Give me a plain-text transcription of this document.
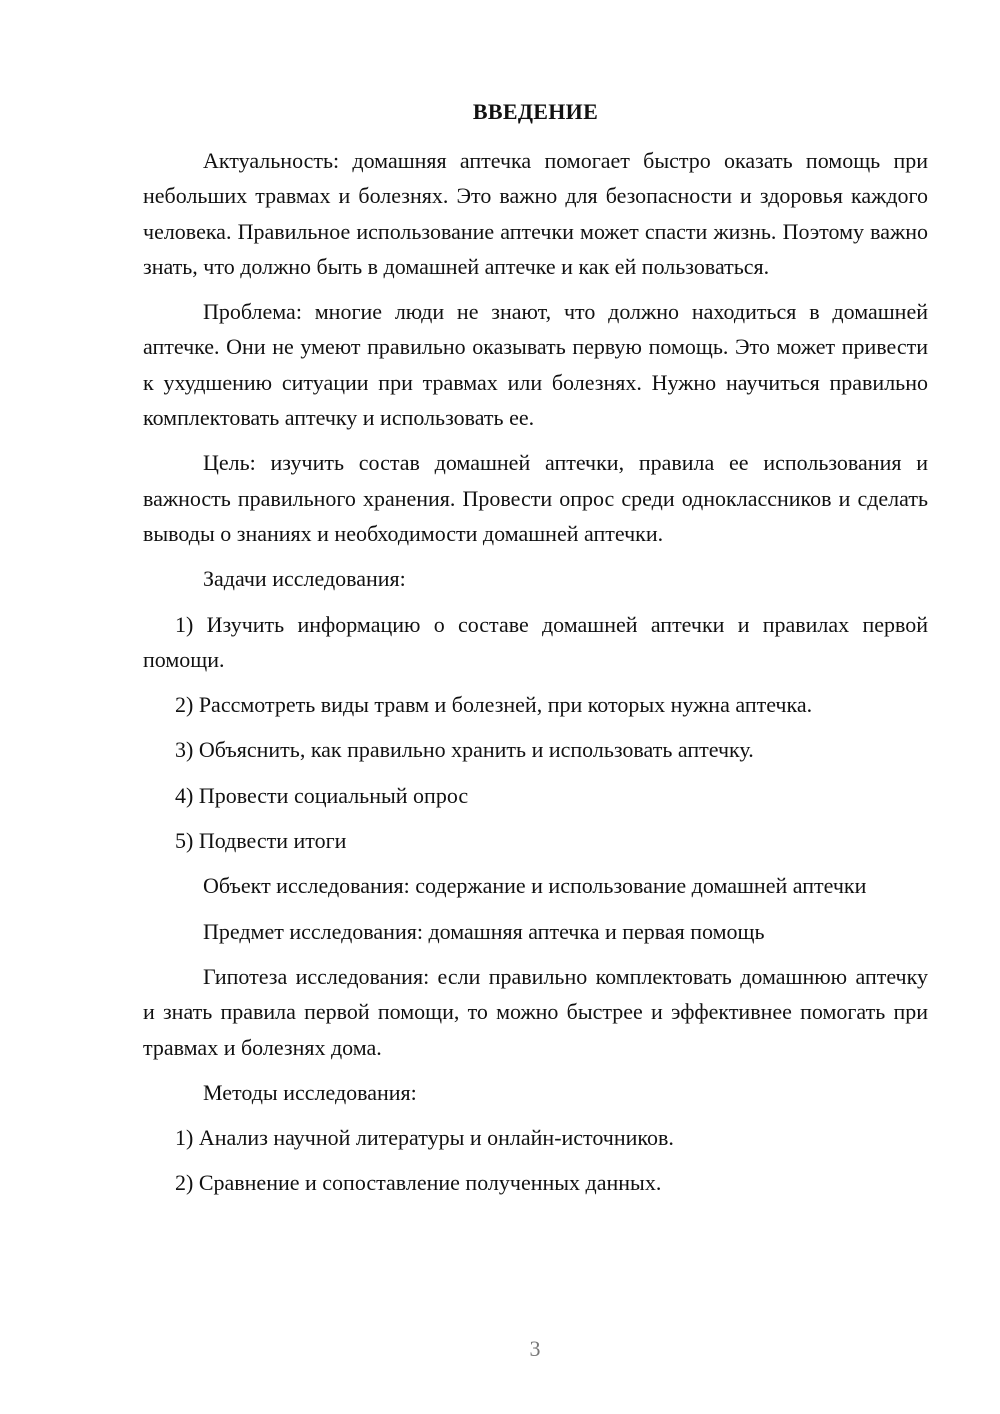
ВВЕДЕНИЕ

Актуальность: домашняя аптечка помогает быстро оказать помощь при небольших травмах и болезнях. Это важно для безопасности и здоровья каждого человека. Правильное использование аптечки может спасти жизнь. Поэтому важно знать, что должно быть в домашней аптечке и как ей пользоваться.

Проблема: многие люди не знают, что должно находиться в домашней аптечке. Они не умеют правильно оказывать первую помощь. Это может привести к ухудшению ситуации при травмах или болезнях. Нужно научиться правильно комплектовать аптечку и использовать ее.

Цель: изучить состав домашней аптечки, правила ее использования и важность правильного хранения. Провести опрос среди одноклассников и сделать выводы о знаниях и необходимости домашней аптечки.

Задачи исследования:

1) Изучить информацию о составе домашней аптечки и правилах первой помощи.

2) Рассмотреть виды травм и болезней, при которых нужна аптечка.

3) Объяснить, как правильно хранить и использовать аптечку.

4) Провести социальный опрос

5) Подвести итоги

Объект исследования: содержание и использование домашней аптечки

Предмет исследования: домашняя аптечка и первая помощь

Гипотеза исследования: если правильно комплектовать домашнюю аптечку и знать правила первой помощи, то можно быстрее и эффективнее помогать при травмах и болезнях дома.

Методы исследования:

1) Анализ научной литературы и онлайн-источников.

2) Сравнение и сопоставление полученных данных.

3
